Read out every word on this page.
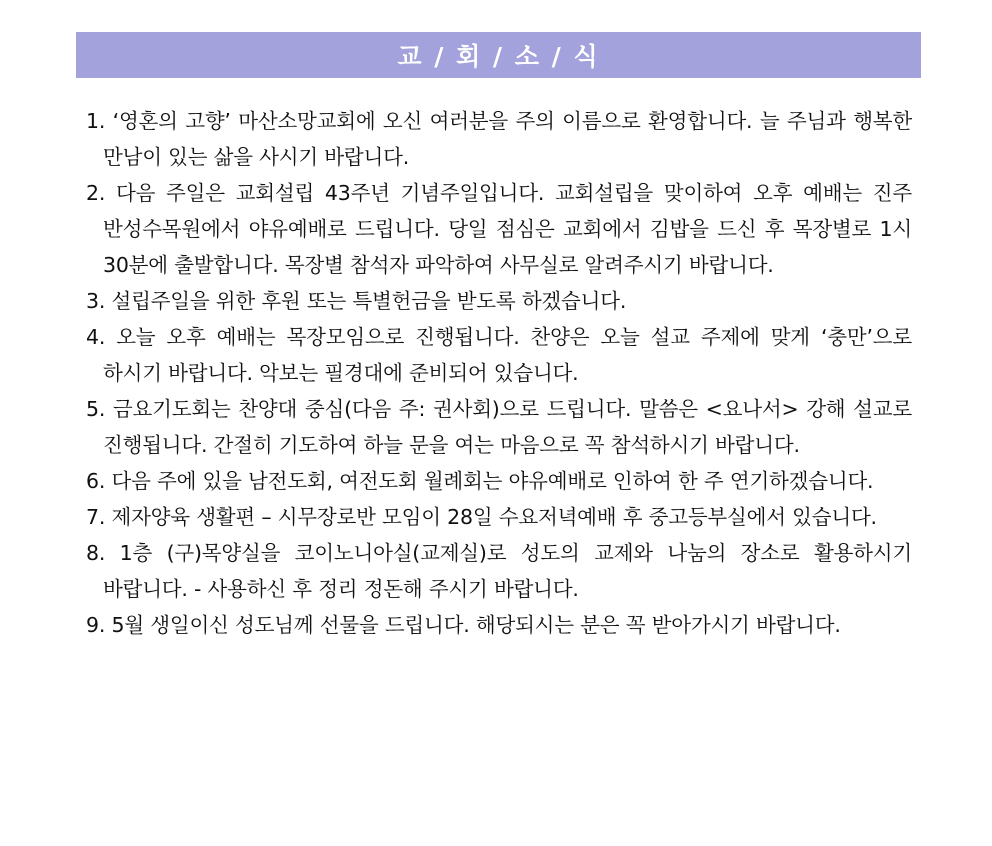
교 / 회 / 소 / 식
1. ‘영혼의 고향’ 마산소망교회에 오신 여러분을 주의 이름으로 환영합니다. 늘 주님과 행복한 만남이 있는 삶을 사시기 바랍니다.
2. 다음 주일은 교회설립 43주년 기념주일입니다. 교회설립을 맞이하여 오후 예배는 진주 반성수목원에서 야유예배로 드립니다. 당일 점심은 교회에서 김밥을 드신 후 목장별로 1시 30분에 출발합니다. 목장별 참석자 파악하여 사무실로 알려주시기 바랍니다.
3. 설립주일을 위한 후원 또는 특별헌금을 받도록 하겠습니다.
4. 오늘 오후 예배는 목장모임으로 진행됩니다. 찬양은 오늘 설교 주제에 맞게 ‘충만’으로 하시기 바랍니다. 악보는 필경대에 준비되어 있습니다.
5. 금요기도회는 찬양대 중심(다음 주: 권사회)으로 드립니다. 말씀은 <요나서> 강해 설교로 진행됩니다. 간절히 기도하여 하늘 문을 여는 마음으로 꼭 참석하시기 바랍니다.
6. 다음 주에 있을 남전도회, 여전도회 월례회는 야유예배로 인하여 한 주 연기하겠습니다.
7. 제자양육 생활편 – 시무장로반 모임이 28일 수요저녁예배 후 중고등부실에서 있습니다.
8. 1층 (구)목양실을 코이노니아실(교제실)로 성도의 교제와 나눔의 장소로 활용하시기 바랍니다. - 사용하신 후 정리 정돈해 주시기 바랍니다.
9. 5월 생일이신 성도님께 선물을 드립니다. 해당되시는 분은 꼭 받아가시기 바랍니다.
